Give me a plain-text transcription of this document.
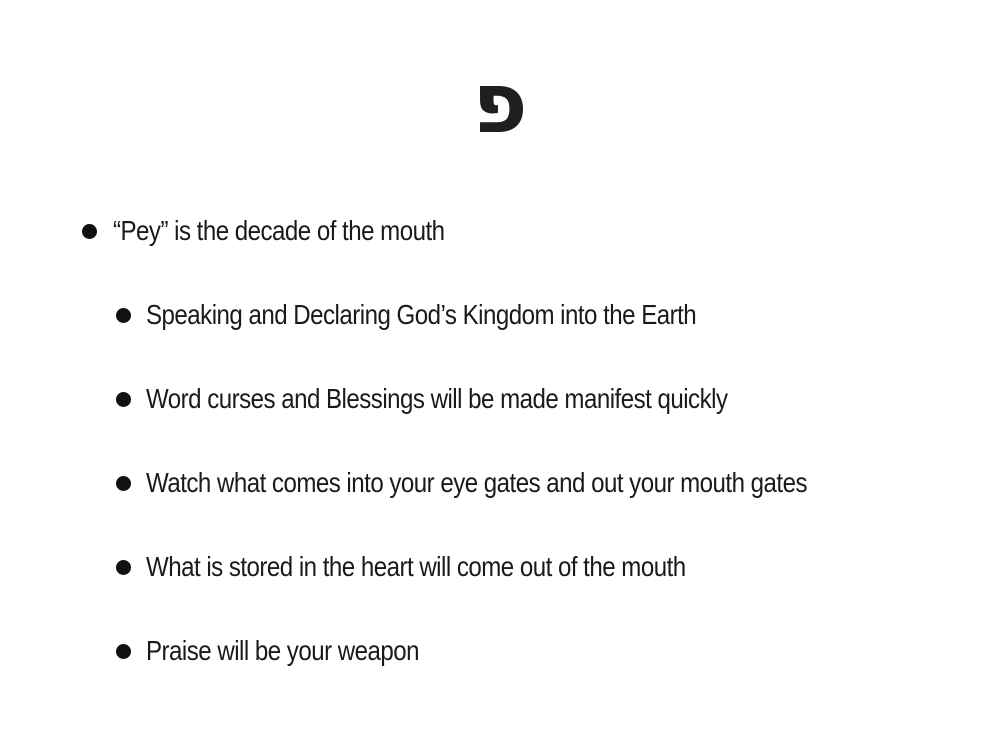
פ
“Pey” is the decade of the mouth
Speaking and Declaring God’s Kingdom into the Earth
Word curses and Blessings will be made manifest quickly
Watch what comes into your eye gates and out your mouth gates
What is stored in the heart will come out of the mouth
Praise will be your weapon
